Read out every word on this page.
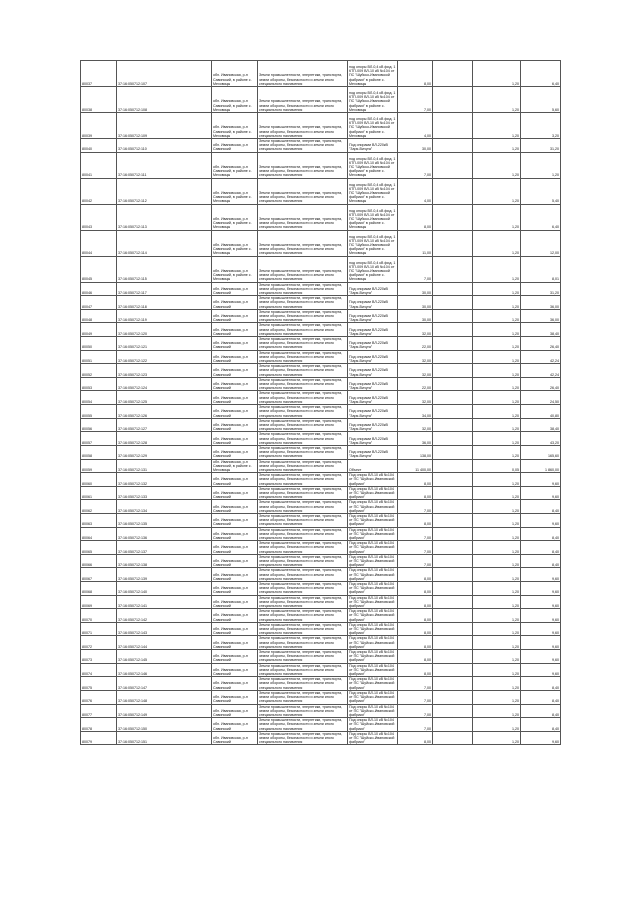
80037	37:16:050712:107	обл. Ивановская, р-н Савинский, в районе с. Меховицы	Земли промышленности, энергетики, транспорта, земли обороны, безопасности и земли иного специального назначения	под опоры ВЛ-0,4 кВ фид. 1 КТП-009 ВЛ-10 кВ №104 от ПС "Шуйско-Ивановской фабрики" в районе с. Меховицы	8,00		1,20	6,40
80038	37:16:050712:108	обл. Ивановская, р-н Савинский, в районе с. Меховицы	Земли промышленности, энергетики, транспорта, земли обороны, безопасности и земли иного специального назначения	под опоры ВЛ-0,4 кВ фид. 1 КТП-009 ВЛ-10 кВ №104 от ПС "Шуйско-Ивановской фабрики" в районе с. Меховицы	7,00		1,20	5,60
80039	37:16:050712:109	обл. Ивановская, р-н Савинский, в районе с. Меховицы	Земли промышленности, энергетики, транспорта, земли обороны, безопасности и земли иного специального назначения	под опоры ВЛ-0,4 кВ фид. 1 КТП-009 ВЛ-10 кВ №104 от ПС "Шуйско-Ивановской фабрики" в районе с. Меховицы	4,00		1,20	3,20
80040	37:16:050712:110	обл. Ивановская, р-н Савинский	Земли промышленности, энергетики, транспорта, земли обороны, безопасности и земли иного специального назначения	Под опорами ВЛ-220кВ "Заря-Вичуга"	30,00		1,20	31,20
80041	37:16:050712:111	обл. Ивановская, р-н Савинский, в районе с. Меховицы	Земли промышленности, энергетики, транспорта, земли обороны, безопасности и земли иного специального назначения	под опоры ВЛ-0,4 кВ фид. 1 КТП-009 ВЛ-10 кВ №104 от ПС "Шуйско-Ивановской фабрики" в районе с. Меховицы	7,00		1,20	1,20
80042	37:16:050712:112	обл. Ивановская, р-н Савинский, в районе с. Меховицы	Земли промышленности, энергетики, транспорта, земли обороны, безопасности и земли иного специального назначения	под опоры ВЛ-0,4 кВ фид. 1 КТП-009 ВЛ-10 кВ №104 от ПС "Шуйско-Ивановской фабрики" в районе с. Меховицы	4,00		1,20	5,40
80043	37:16:050712:113	обл. Ивановская, р-н Савинский, в районе с. Меховицы	Земли промышленности, энергетики, транспорта, земли обороны, безопасности и земли иного специального назначения	под опоры ВЛ-0,4 кВ фид. 1 КТП-009 ВЛ-10 кВ №104 от ПС "Шуйско-Ивановской фабрики" в районе с. Меховицы	8,00		1,20	6,40
80044	37:16:050712:114	обл. Ивановская, р-н Савинский, в районе с. Меховицы	Земли промышленности, энергетики, транспорта, земли обороны, безопасности и земли иного специального назначения	под опоры ВЛ-0,4 кВ фид. 1 КТП-009 ВЛ-10 кВ №104 от ПС "Шуйско-Ивановской фабрики" в районе с. Меховицы	11,00		1,20	12,00
80045	37:16:050712:115	обл. Ивановская, р-н Савинский, в районе с. Меховицы	Земли промышленности, энергетики, транспорта, земли обороны, безопасности и земли иного специального назначения	под опоры ВЛ-0,4 кВ фид. 1 КТП-009 ВЛ-10 кВ №104 от ПС "Шуйско-Ивановской фабрики" в районе с. Меховицы	7,00		1,20	8,01
80046	37:16:050712:117	обл. Ивановская, р-н Савинский	Земли промышленности, энергетики, транспорта, земли обороны, безопасности и земли иного специального назначения	Под опорами ВЛ-220кВ "Заря-Вичуга"	30,00		1,20	31,20
80047	37:16:050712:118	обл. Ивановская, р-н Савинский	Земли промышленности, энергетики, транспорта, земли обороны, безопасности и земли иного специального назначения	Под опорами ВЛ-220кВ "Заря-Вичуга"	30,00		1,20	36,00
80048	37:16:050712:119	обл. Ивановская, р-н Савинский	Земли промышленности, энергетики, транспорта, земли обороны, безопасности и земли иного специального назначения	Под опорами ВЛ-220кВ "Заря-Вичуга"	30,00		1,20	36,00
80049	37:16:050712:120	обл. Ивановская, р-н Савинский	Земли промышленности, энергетики, транспорта, земли обороны, безопасности и земли иного специального назначения	Под опорами ВЛ-220кВ "Заря-Вичуга"	32,00		1,20	38,40
80050	37:16:050712:121	обл. Ивановская, р-н Савинский	Земли промышленности, энергетики, транспорта, земли обороны, безопасности и земли иного специального назначения	Под опорами ВЛ-220кВ "Заря-Вичуга"	22,00		1,20	26,40
80051	37:16:050712:122	обл. Ивановская, р-н Савинский	Земли промышленности, энергетики, транспорта, земли обороны, безопасности и земли иного специального назначения	Под опорами ВЛ-220кВ "Заря-Вичуга"	32,00		1,20	42,24
80052	37:16:050712:123	обл. Ивановская, р-н Савинский	Земли промышленности, энергетики, транспорта, земли обороны, безопасности и земли иного специального назначения	Под опорами ВЛ-220кВ "Заря-Вичуга"	32,00		1,20	42,24
80053	37:16:050712:124	обл. Ивановская, р-н Савинский	Земли промышленности, энергетики, транспорта, земли обороны, безопасности и земли иного специального назначения	Под опорами ВЛ-220кВ "Заря-Вичуга"	22,00		1,20	26,40
80054	37:16:050712:125	обл. Ивановская, р-н Савинский	Земли промышленности, энергетики, транспорта, земли обороны, безопасности и земли иного специального назначения	Под опорами ВЛ-220кВ "Заря-Вичуга"	32,00		1,20	24,50
80055	37:16:050712:126	обл. Ивановская, р-н Савинский	Земли промышленности, энергетики, транспорта, земли обороны, безопасности и земли иного специального назначения	Под опорами ВЛ-220кВ "Заря-Вичуга"	34,00		1,20	40,80
80056	37:16:050712:127	обл. Ивановская, р-н Савинский	Земли промышленности, энергетики, транспорта, земли обороны, безопасности и земли иного специального назначения	Под опорами ВЛ-220кВ "Заря-Вичуга"	32,00		1,20	38,40
80057	37:16:050712:128	обл. Ивановская, р-н Савинский	Земли промышленности, энергетики, транспорта, земли обороны, безопасности и земли иного специального назначения	Под опорами ВЛ-220кВ "Заря-Вичуга"	36,00		1,20	43,20
80058	37:16:050712:129	обл. Ивановская, р-н Савинский	Земли промышленности, энергетики, транспорта, земли обороны, безопасности и земли иного специального назначения	Под опорами ВЛ-220кВ "Заря-Вичуга"	138,00		1,20	165,60
80059	37:16:050712:131	обл. Ивановская, р-н Савинский, в районе с. Меховицы	Земли промышленности, энергетики, транспорта, земли обороны, безопасности и земли иного специального назначения	Объект	11 400,00		0,05	1 860,00
80060	37:16:050712:132	обл. Ивановская, р-н Савинский	Земли промышленности, энергетики, транспорта, земли обороны, безопасности и земли иного специального назначения	Под опоры ВЛ-10 кВ №104 от ПС "Шуйско-Ивановской фабрики"	8,00		1,20	9,60
80061	37:16:050712:133	обл. Ивановская, р-н Савинский	Земли промышленности, энергетики, транспорта, земли обороны, безопасности и земли иного специального назначения	Под опоры ВЛ-10 кВ №104 от ПС "Шуйско-Ивановской фабрики"	8,00		1,20	9,60
80062	37:16:050712:134	обл. Ивановская, р-н Савинский	Земли промышленности, энергетики, транспорта, земли обороны, безопасности и земли иного специального назначения	Под опоры ВЛ-10 кВ №104 от ПС "Шуйско-Ивановской фабрики"	7,00		1,20	8,40
80063	37:16:050712:135	обл. Ивановская, р-н Савинский	Земли промышленности, энергетики, транспорта, земли обороны, безопасности и земли иного специального назначения	Под опоры ВЛ-10 кВ №104 от ПС "Шуйско-Ивановской фабрики"	8,00		1,20	9,60
80064	37:16:050712:136	обл. Ивановская, р-н Савинский	Земли промышленности, энергетики, транспорта, земли обороны, безопасности и земли иного специального назначения	Под опоры ВЛ-10 кВ №104 от ПС "Шуйско-Ивановской фабрики"	7,00		1,20	8,40
80065	37:16:050712:137	обл. Ивановская, р-н Савинский	Земли промышленности, энергетики, транспорта, земли обороны, безопасности и земли иного специального назначения	Под опоры ВЛ-10 кВ №104 от ПС "Шуйско-Ивановской фабрики"	7,00		1,20	8,40
80066	37:16:050712:138	обл. Ивановская, р-н Савинский	Земли промышленности, энергетики, транспорта, земли обороны, безопасности и земли иного специального назначения	Под опоры ВЛ-10 кВ №104 от ПС "Шуйско-Ивановской фабрики"	7,00		1,20	8,40
80067	37:16:050712:139	обл. Ивановская, р-н Савинский	Земли промышленности, энергетики, транспорта, земли обороны, безопасности и земли иного специального назначения	Под опоры ВЛ-10 кВ №104 от ПС "Шуйско-Ивановской фабрики"	8,00		1,20	9,60
80068	37:16:050712:140	обл. Ивановская, р-н Савинский	Земли промышленности, энергетики, транспорта, земли обороны, безопасности и земли иного специального назначения	Под опоры ВЛ-10 кВ №104 от ПС "Шуйско-Ивановской фабрики"	8,00		1,20	9,60
80069	37:16:050712:141	обл. Ивановская, р-н Савинский	Земли промышленности, энергетики, транспорта, земли обороны, безопасности и земли иного специального назначения	Под опоры ВЛ-10 кВ №104 от ПС "Шуйско-Ивановской фабрики"	8,00		1,20	9,60
80070	37:16:050712:142	обл. Ивановская, р-н Савинский	Земли промышленности, энергетики, транспорта, земли обороны, безопасности и земли иного специального назначения	Под опоры ВЛ-10 кВ №104 от ПС "Шуйско-Ивановской фабрики"	8,00		1,20	9,60
80071	37:16:050712:143	обл. Ивановская, р-н Савинский	Земли промышленности, энергетики, транспорта, земли обороны, безопасности и земли иного специального назначения	Под опоры ВЛ-10 кВ №104 от ПС "Шуйско-Ивановской фабрики"	8,00		1,20	9,60
80072	37:16:050712:144	обл. Ивановская, р-н Савинский	Земли промышленности, энергетики, транспорта, земли обороны, безопасности и земли иного специального назначения	Под опоры ВЛ-10 кВ №104 от ПС "Шуйско-Ивановской фабрики"	8,00		1,20	9,60
80073	37:16:050712:145	обл. Ивановская, р-н Савинский	Земли промышленности, энергетики, транспорта, земли обороны, безопасности и земли иного специального назначения	Под опоры ВЛ-10 кВ №104 от ПС "Шуйско-Ивановской фабрики"	8,00		1,20	9,60
80074	37:16:050712:146	обл. Ивановская, р-н Савинский	Земли промышленности, энергетики, транспорта, земли обороны, безопасности и земли иного специального назначения	Под опоры ВЛ-10 кВ №104 от ПС "Шуйско-Ивановской фабрики"	8,00		1,20	9,60
80075	37:16:050712:147	обл. Ивановская, р-н Савинский	Земли промышленности, энергетики, транспорта, земли обороны, безопасности и земли иного специального назначения	Под опоры ВЛ-10 кВ №104 от ПС "Шуйско-Ивановской фабрики"	7,00		1,20	8,40
80076	37:16:050712:148	обл. Ивановская, р-н Савинский	Земли промышленности, энергетики, транспорта, земли обороны, безопасности и земли иного специального назначения	Под опоры ВЛ-10 кВ №104 от ПС "Шуйско-Ивановской фабрики"	7,00		1,20	8,40
80077	37:16:050712:149	обл. Ивановская, р-н Савинский	Земли промышленности, энергетики, транспорта, земли обороны, безопасности и земли иного специального назначения	Под опоры ВЛ-10 кВ №104 от ПС "Шуйско-Ивановской фабрики"	7,00		1,20	8,40
80078	37:16:050712:150	обл. Ивановская, р-н Савинский	Земли промышленности, энергетики, транспорта, земли обороны, безопасности и земли иного специального назначения	Под опоры ВЛ-10 кВ №104 от ПС "Шуйско-Ивановской фабрики"	7,00		1,20	8,40
80079	37:16:050712:151	обл. Ивановская, р-н Савинский	Земли промышленности, энергетики, транспорта, земли обороны, безопасности и земли иного специального назначения	Под опоры ВЛ-10 кВ №104 от ПС "Шуйско-Ивановской фабрики"	8,00		1,20	9,60
